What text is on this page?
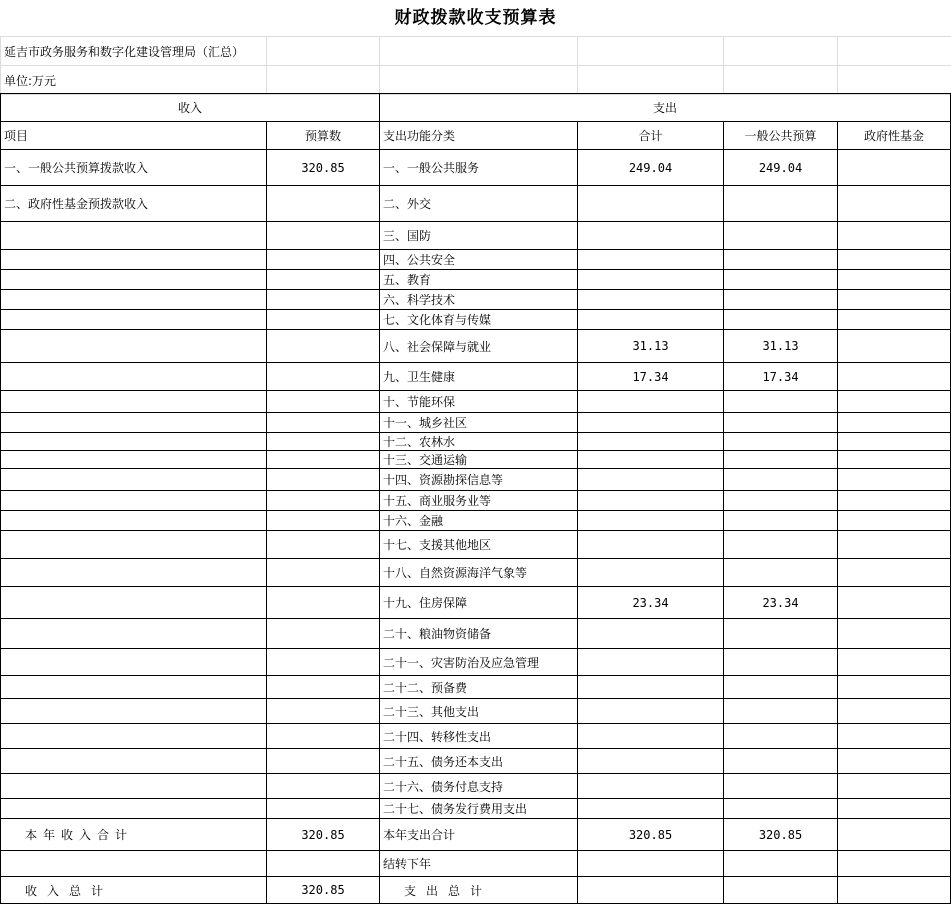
财政拨款收支预算表
延吉市政务服务和数字化建设管理局（汇总）					
单位:万元					
收入		支出			
项目	预算数	支出功能分类	合计	一般公共预算	政府性基金
一、一般公共预算拨款收入	320.85	一、一般公共服务	249.04	249.04	
二、政府性基金预拨款收入		二、外交			
		三、国防			
		四、公共安全			
		五、教育			
		六、科学技术			
		七、文化体育与传媒			
		八、社会保障与就业	31.13	31.13	
		九、卫生健康	17.34	17.34	
		十、节能环保			
		十一、城乡社区			
		十二、农林水			
		十三、交通运输			
		十四、资源勘探信息等			
		十五、商业服务业等			
		十六、金融			
		十七、支援其他地区			
		十八、自然资源海洋气象等			
		十九、住房保障	23.34	23.34	
		二十、粮油物资储备			
		二十一、灾害防治及应急管理			
		二十二、预备费			
		二十三、其他支出			
		二十四、转移性支出			
		二十五、债务还本支出			
		二十六、债务付息支持			
		二十七、债务发行费用支出			
本年收入合计	320.85	本年支出合计	320.85	320.85	
		结转下年			
收入总计	320.85	支出总计			
